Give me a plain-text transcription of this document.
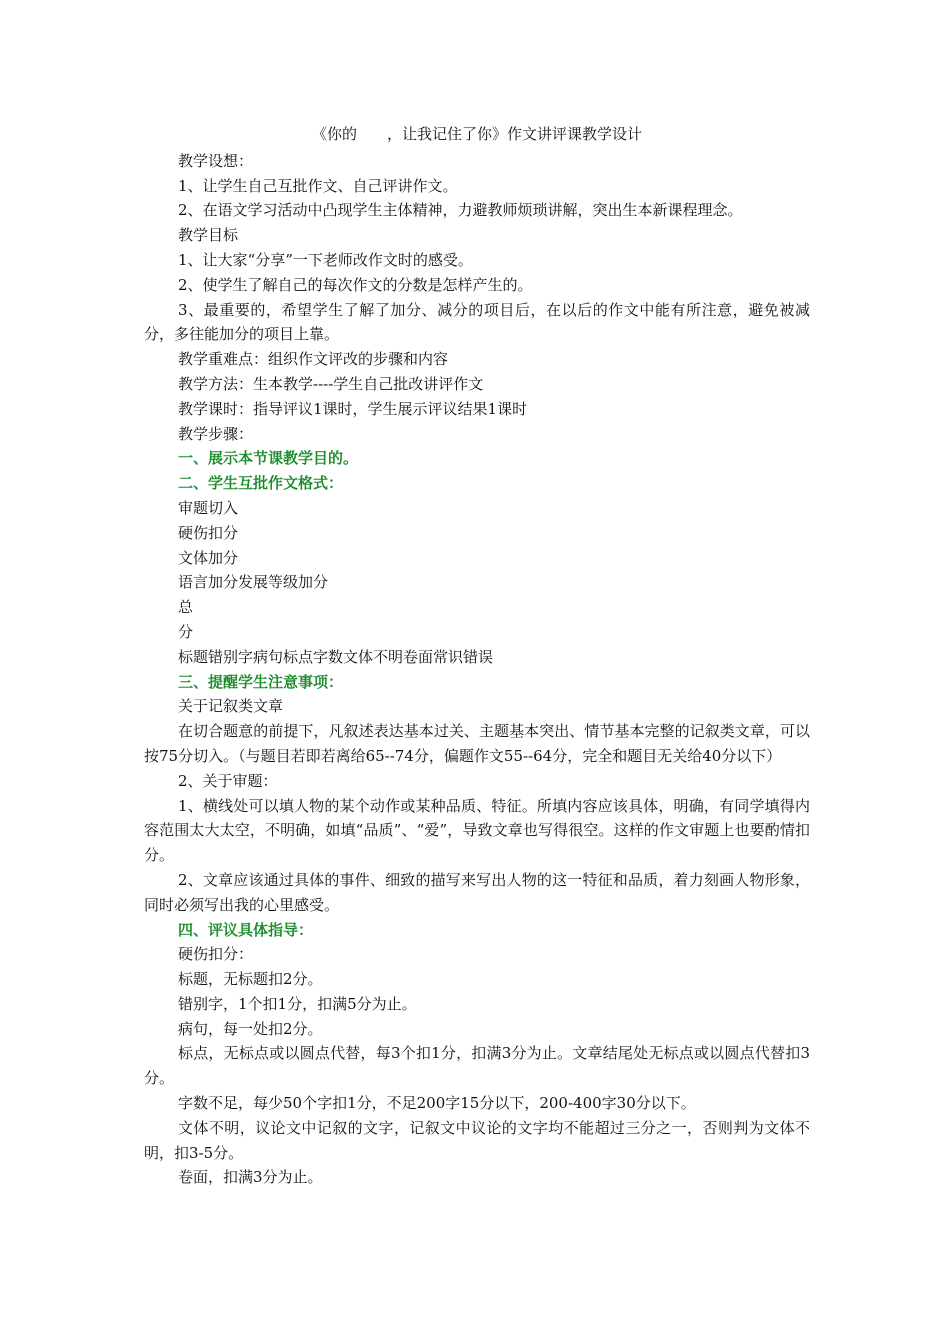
《你的　　，让我记住了你》作文讲评课教学设计

教学设想：

1、让学生自己互批作文、自己评讲作文。

2、在语文学习活动中凸现学生主体精神，力避教师烦琐讲解，突出生本新课程理念。

教学目标

1、让大家“分享”一下老师改作文时的感受。

2、使学生了解自己的每次作文的分数是怎样产生的。

3、最重要的，希望学生了解了加分、减分的项目后，在以后的作文中能有所注意，避免被减分，多往能加分的项目上靠。

教学重难点：组织作文评改的步骤和内容

教学方法：生本教学----学生自己批改讲评作文

教学课时：指导评议1课时，学生展示评议结果1课时

教学步骤：

一、展示本节课教学目的。

二、学生互批作文格式：

审题切入

硬伤扣分

文体加分

语言加分发展等级加分

总

分

标题错别字病句标点字数文体不明卷面常识错误

三、提醒学生注意事项：

关于记叙类文章

在切合题意的前提下，凡叙述表达基本过关、主题基本突出、情节基本完整的记叙类文章，可以按75分切入。（与题目若即若离给65--74分，偏题作文55--64分，完全和题目无关给40分以下）

2、关于审题：

1、横线处可以填人物的某个动作或某种品质、特征。所填内容应该具体，明确，有同学填得内容范围太大太空，不明确，如填“品质”、“爱”，导致文章也写得很空。这样的作文审题上也要酌情扣分。

2、文章应该通过具体的事件、细致的描写来写出人物的这一特征和品质，着力刻画人物形象，同时必须写出我的心里感受。

四、评议具体指导：

硬伤扣分：

标题，无标题扣2分。

错别字，1个扣1分，扣满5分为止。

病句，每一处扣2分。

标点，无标点或以圆点代替，每3个扣1分，扣满3分为止。文章结尾处无标点或以圆点代替扣3分。

字数不足，每少50个字扣1分，不足200字15分以下，200-400字30分以下。

文体不明，议论文中记叙的文字，记叙文中议论的文字均不能超过三分之一，否则判为文体不明，扣3-5分。

卷面，扣满3分为止。
